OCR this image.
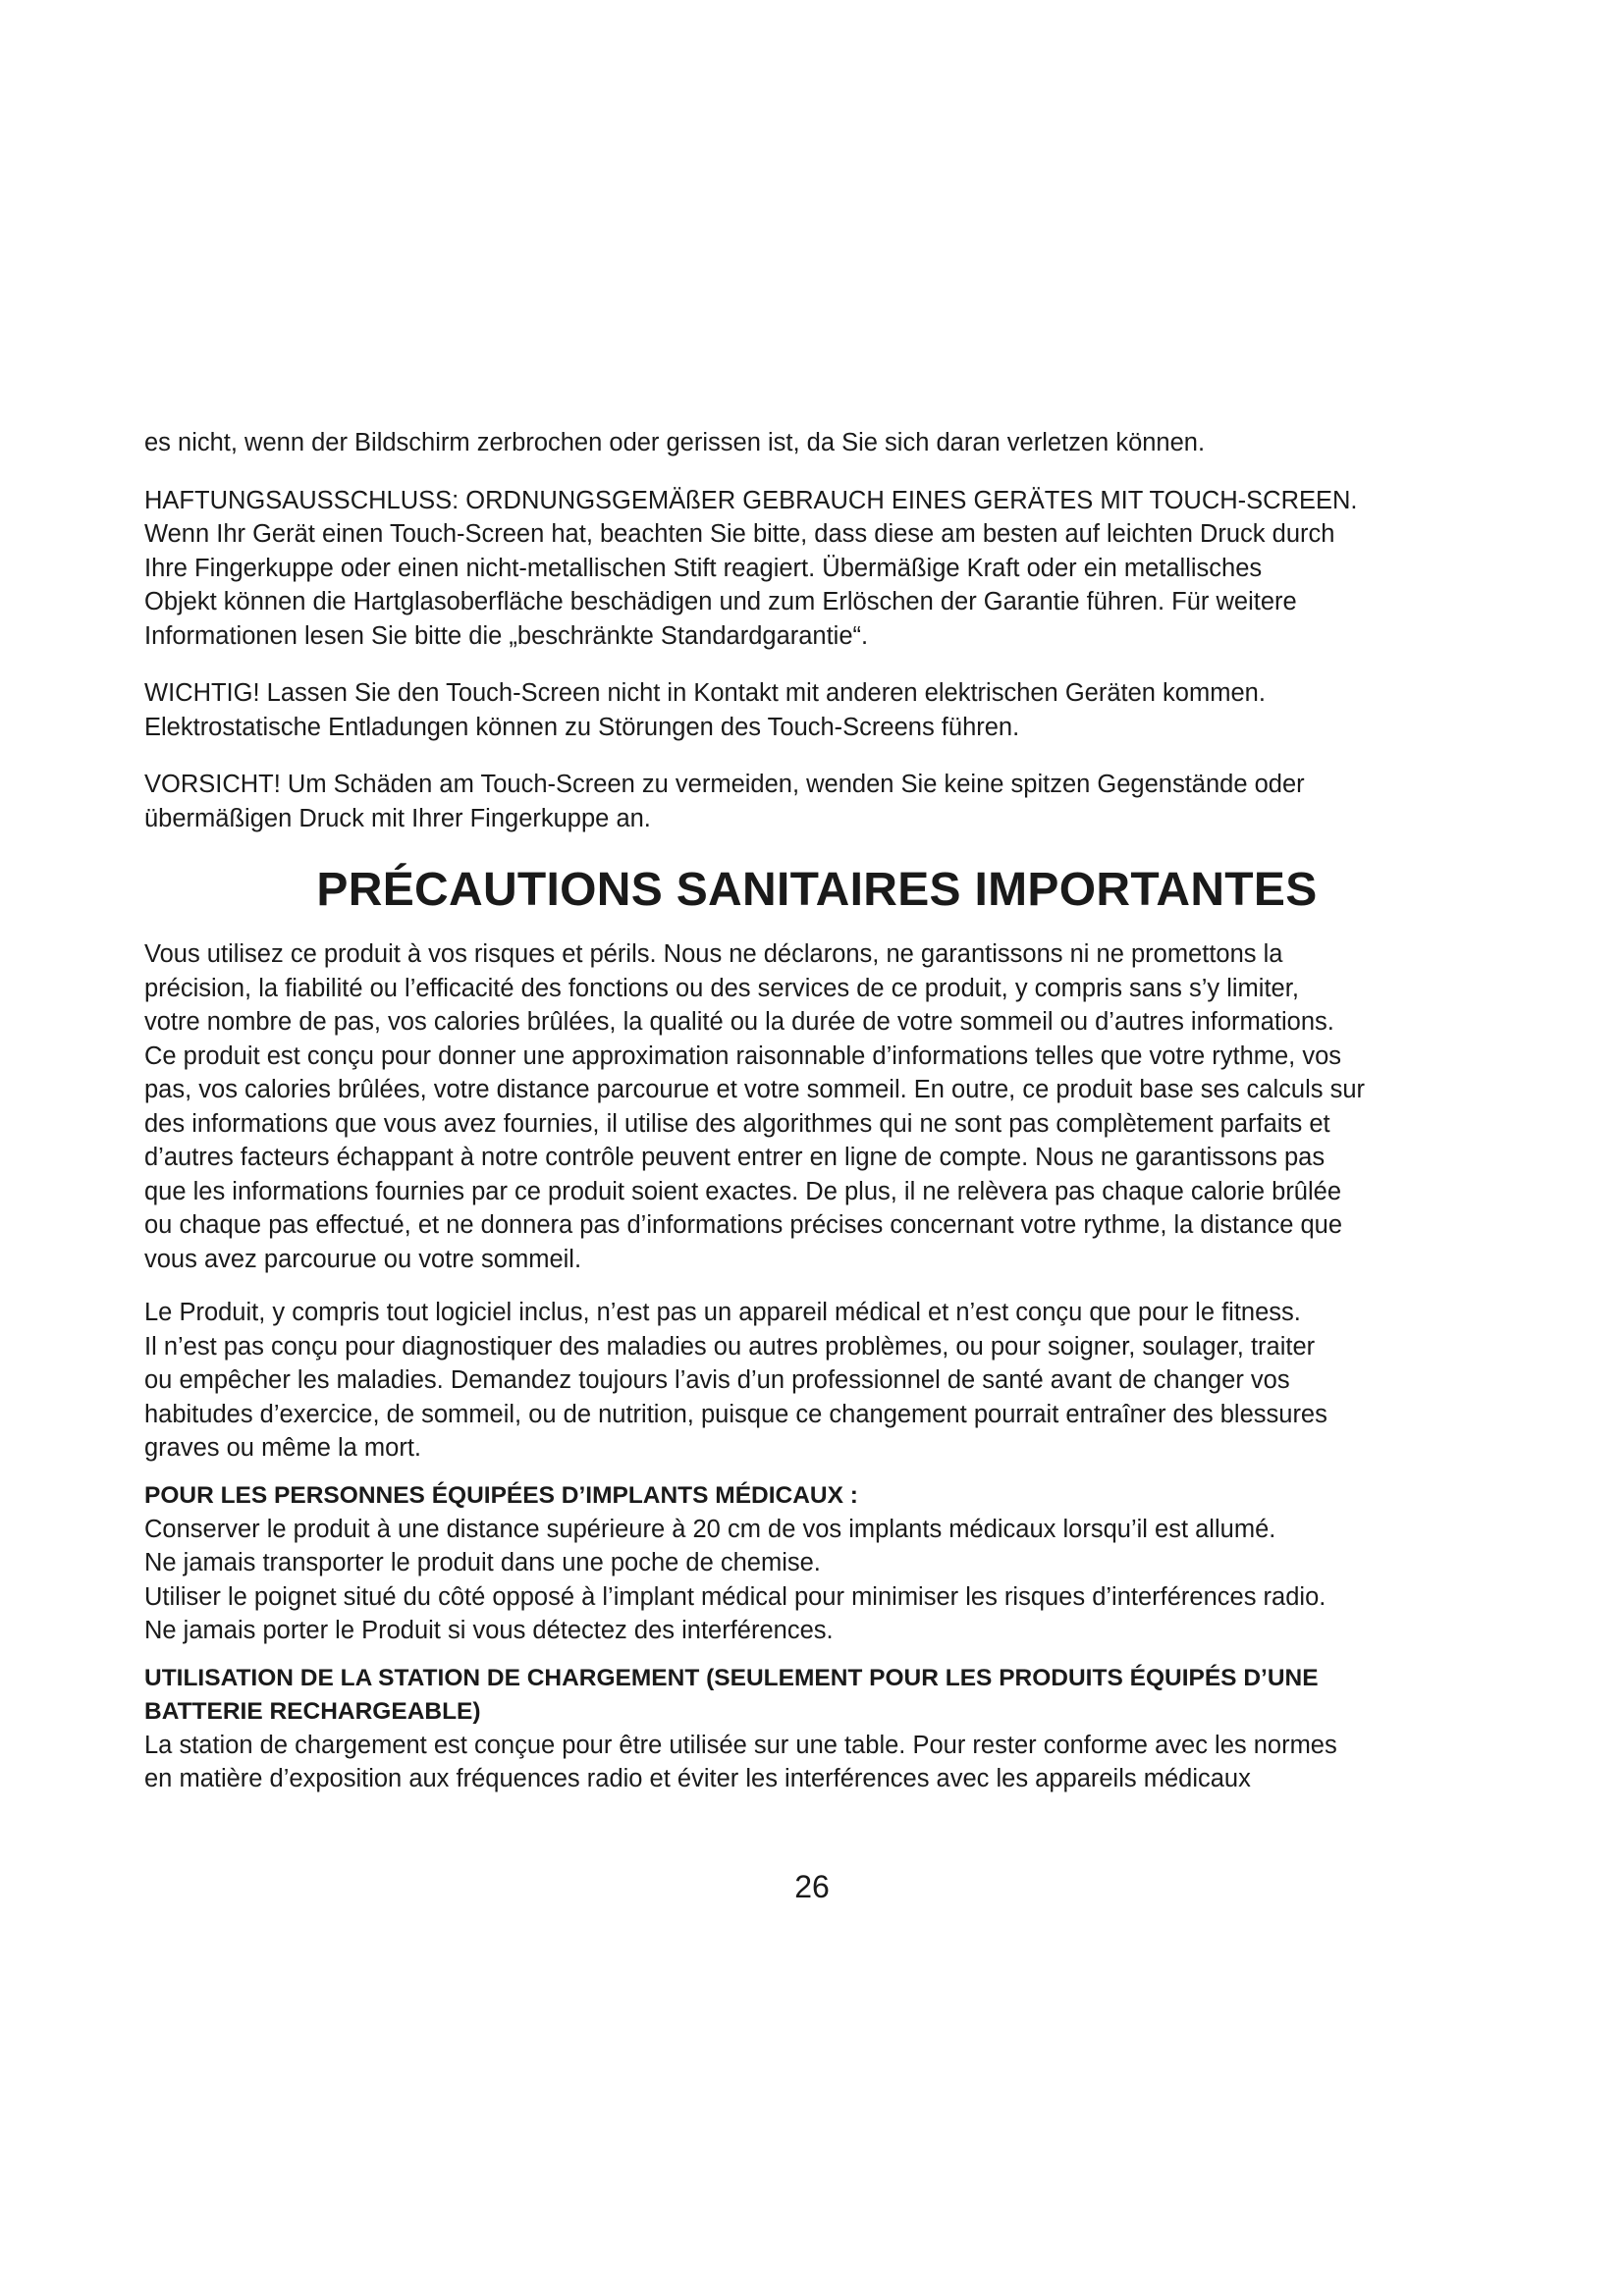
es nicht, wenn der Bildschirm zerbrochen oder gerissen ist, da Sie sich daran verletzen können.

HAFTUNGSAUSSCHLUSS: ORDNUNGSGEMÄßER GEBRAUCH EINES GERÄTES MIT TOUCH-SCREEN.
Wenn Ihr Gerät einen Touch-Screen hat, beachten Sie bitte, dass diese am besten auf leichten Druck durch
Ihre Fingerkuppe oder einen nicht-metallischen Stift reagiert. Übermäßige Kraft oder ein metallisches
Objekt können die Hartglasoberfläche beschädigen und zum Erlöschen der Garantie führen. Für weitere
Informationen lesen Sie bitte die „beschränkte Standardgarantie“.

WICHTIG! Lassen Sie den Touch-Screen nicht in Kontakt mit anderen elektrischen Geräten kommen.
Elektrostatische Entladungen können zu Störungen des Touch-Screens führen.

VORSICHT! Um Schäden am Touch-Screen zu vermeiden, wenden Sie keine spitzen Gegenstände oder
übermäßigen Druck mit Ihrer Fingerkuppe an.

PRÉCAUTIONS SANITAIRES IMPORTANTES

Vous utilisez ce produit à vos risques et périls. Nous ne déclarons, ne garantissons ni ne promettons la
précision, la fiabilité ou l’efficacité des fonctions ou des services de ce produit, y compris sans s’y limiter,
votre nombre de pas, vos calories brûlées, la qualité ou la durée de votre sommeil ou d’autres informations.
Ce produit est conçu pour donner une approximation raisonnable d’informations telles que votre rythme, vos
pas, vos calories brûlées, votre distance parcourue et votre sommeil. En outre, ce produit base ses calculs sur
des informations que vous avez fournies, il utilise des algorithmes qui ne sont pas complètement parfaits et
d’autres facteurs échappant à notre contrôle peuvent entrer en ligne de compte. Nous ne garantissons pas
que les informations fournies par ce produit soient exactes. De plus, il ne relèvera pas chaque calorie brûlée
ou chaque pas effectué, et ne donnera pas d’informations précises concernant votre rythme, la distance que
vous avez parcourue ou votre sommeil.

Le Produit, y compris tout logiciel inclus, n’est pas un appareil médical et n’est conçu que pour le fitness.
Il n’est pas conçu pour diagnostiquer des maladies ou autres problèmes, ou pour soigner, soulager, traiter
ou empêcher les maladies. Demandez toujours l’avis d’un professionnel de santé avant de changer vos
habitudes d’exercice, de sommeil, ou de nutrition, puisque ce changement pourrait entraîner des blessures
graves ou même la mort.

POUR LES PERSONNES ÉQUIPÉES D’IMPLANTS MÉDICAUX :

Conserver le produit à une distance supérieure à 20 cm de vos implants médicaux lorsqu’il est allumé.
Ne jamais transporter le produit dans une poche de chemise.
Utiliser le poignet situé du côté opposé à l’implant médical pour minimiser les risques d’interférences radio.
Ne jamais porter le Produit si vous détectez des interférences.

UTILISATION DE LA STATION DE CHARGEMENT (SEULEMENT POUR LES PRODUITS ÉQUIPÉS D’UNE
BATTERIE RECHARGEABLE)

La station de chargement est conçue pour être utilisée sur une table. Pour rester conforme avec les normes
en matière d’exposition aux fréquences radio et éviter les interférences avec les appareils médicaux

26
